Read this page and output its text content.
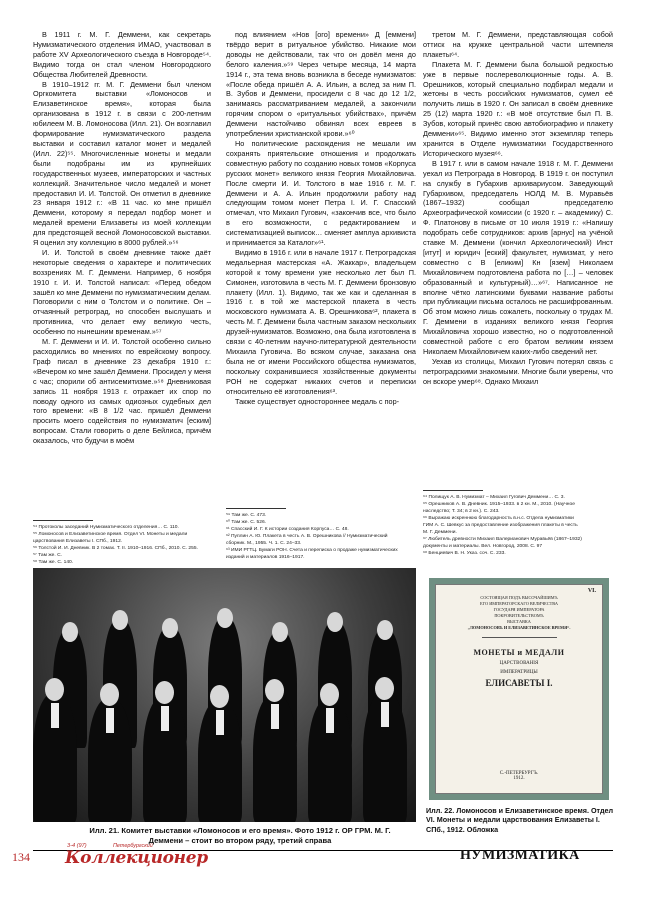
В 1911 г. М. Г. Деммени, как секретарь Нумизматического отделения ИМАО, участвовал в работе XV Археологического съезда в Новгороде⁵⁴. Видимо тогда он стал членом Новгородского Общества Любителей Древности.

В 1910–1912 гг. М. Г. Деммени был членом Оргкомитета выставки «Ломоносов и Елизаветинское время», которая была организована в 1912 г. в связи с 200-летним юбилеем М. В. Ломоносова (Илл. 21). Он возглавил формирование нумизматического раздела выставки и составил каталог монет и медалей (Илл. 22)⁵⁵. Многочисленные монеты и медали были подобраны им из крупнейших государственных музеев, императорских и частных коллекций. Значительное число медалей и монет предоставил И. И. Толстой. Он отметил в дневнике 23 января 1912 г.: «В 11 час. ко мне пришёл Деммени, которому я передал подбор монет и медалей времени Елизаветы из моей коллекции для предстоящей весной Ломоносовской выставки. Я оценил эту коллекцию в 8000 рублей.»⁵⁶

И. И. Толстой в своём дневнике также даёт некоторые сведения о характере и политических воззрениях М. Г. Деммени. Например, 6 ноября 1910 г. И. И. Толстой написал: «Перед обедом зашёл ко мне Деммени по нумизматическим делам. Поговорили с ним о Толстом и о политике. Он – отчаянный ретроград, но способен выслушать и противника, что делает ему великую честь, особенно по нынешним временам.»⁵⁷

М. Г. Деммени и И. И. Толстой особенно сильно расходились во мнениях по еврейскому вопросу. Граф писал в дневнике 23 декабря 1910 г.: «Вечером ко мне зашёл Деммени. Просидел у меня с час; спорили об антисемитизме.»⁵⁸ Дневниковая запись 11 ноября 1913 г. отражает их спор по поводу одного из самых одиозных судебных дел того времени: «В 8 1/2 час. пришёл Деммени просить моего содействия по нумизматич [еским] вопросам. Стали говорить о деле Бейлиса, причём оказалось, что будучи в моём

под влиянием «Нов [ого] времени» Д [еммени] твёрдо верит в ритуальное убийство. Никакие мои доводы не действовали, так что он довёл меня до белого каления.»⁵⁹ Через четыре месяца, 14 марта 1914 г., эта тема вновь возникла в беседе нумизматов: «После обеда пришёл А. А. Ильин, а вслед за ним П. В. Зубов и Деммени, просидели с 8 час до 12 1/2, занимаясь рассматриванием медалей, а закончили горячим спором о «ритуальных убийствах», причём Деммени настойчиво обвинял всех евреев в употреблении христианской крови.»⁶⁰

Но политические расхождения не мешали им сохранять приятельские отношения и продолжать совместную работу по созданию новых томов «Корпуса русских монет» великого князя Георгия Михайловича. После смерти И. И. Толстого в мае 1916 г. М. Г. Деммени и А. А. Ильин продолжили работу над следующим томом монет Петра I. И. Г. Спасский отмечал, что Михаил Гугович, «закончив все, что было в его возможности, с редактированием и систематизацией выписок… сменяет амплуа архивиста и принимается за Каталог»⁶¹.

Видимо в 1916 г. или в начале 1917 г. Петроградская медальерная мастерская «А. Жаккар», владельцем которой к тому времени уже несколько лет был П. Симонен, изготовила в честь М. Г. Деммени бронзовую плакету (Илл. 1). Видимо, так же как и сделанная в 1916 г. в той же мастерской плакета в честь московского нумизмата А. В. Орешникова⁶², плакета в честь М. Г. Деммени была частным заказом нескольких друзей-нумизматов. Возможно, она была изготовлена в связи с 40-летним научно-литературной деятельности Михаила Гуговича. Во всяком случае, заказана она была не от имени Российского общества нумизматов, поскольку сохранившиеся хозяйственные документы РОН не содержат никаких счетов и переписки относительно её изготовления⁶³.

Также существует одностороннее медаль с пор-

третом М. Г. Деммени, представляющая собой оттиск на кружке центральной части штемпеля плакеты⁶⁴.

Плакета М. Г. Деммени была большой редкостью уже в первые послереволюционные годы. А. В. Орешников, который специально подбирал медали и жетоны в честь российских нумизматов, сумел её получить лишь в 1920 г. Он записал в своём дневнике 25 (12) марта 1920 г.: «В моё отсутствие был П. В. Зубов, который принёс свою автобиографию и плакету Деммени»⁶⁵. Видимо именно этот экземпляр теперь хранится в Отделе нумизматики Государственного Исторического музея⁶⁶.

В 1917 г. или в самом начале 1918 г. М. Г. Деммени уехал из Петрограда в Новгород. В 1919 г. он поступил на службу в Губархив архивариусом. Заведующий Губархивом, председатель НОЛД М. В. Муравьёв (1867–1932) сообщал председателю Археографической комиссии (с 1920 г. – академику) С. Ф. Платонову в письме от 10 июля 1919 г.: «Напишу подобрать себе сотрудников: архив [арнус] на учёной ставке М. Деммени (кончил Археологический) Инст [итут] и юридич [еский] факультет, нумизмат, у него совместно с В [еликим] Кн [язем] Николаем Михайловичем подготовлена работа по […] – человек образованный и культурный)…»⁶⁷. Написанное не вполне чётко латинскими буквами название работы при публикации письма осталось не расшифрованным. Об этом можно лишь сожалеть, поскольку о трудах М. Г. Деммени в изданиях великого князя Георгия Михайловича хорошо известно, но о подготовленной совместной работе с его братом великим князем Николаем Михайловичем каких-либо сведений нет.

Уехав из столицы, Михаил Гугович потерял связь с петроградскими знакомыми. Многие были уверены, что он вскоре умер⁶⁸. Однако Михаил

⁵⁴ Протоколы заседаний Нумизматического отделения… С. 110.
⁵⁵ Ломоносов и Елизаветинское время. Отдел VI. Монеты и медали
царствования Елизаветы I. СПб., 1912.
⁵⁶ Толстой И. И. Дневник. В 2 томах. Т. II. 1910–1916. СПб., 2010. С. 255.
⁵⁷ Там же. С.
⁵⁸ Там же. С. 140.
⁵⁹ Там же. С. 473.
⁶⁰ Там же. С. 526.
⁶¹ Спасский И. Г. К истории создания Корпуса… С. 48.
⁶² Пуплин А. Ю. Плакета в честь А. В. Орешникова // Нумизматический
сборник. М., 1955. Ч. 1. С. 24–33.
⁶³ ИМИ РГТЦ. Бумаги РОН. Счета и переписка о продаже нумизматических
изданий и материалов 1916–1917.
⁶⁴ Полищук А. В. Нумизмат – Михаил Гугович Деммени… С. 3.
⁶⁵ Орешников А. В. Дневник. 1915–1933. в 2 кн. М., 2010. (Научное
наследство; Т. 34; в 2 кн.). С. 243.
⁶⁶ Выражаю искреннюю благодарность в.н.с. Отдела нумизматики
ГИМ А. С. Шевкус за предоставление изображения плакеты в честь
М. Г. Деммени.
⁶⁷ Любитель древности Михаил Валерианович Муравьёв (1867–1932)
документы и материалы. Вел. Новгород, 2008. С. 97
⁶⁸ Бенциевич В. Н. Указ. соч. С. 233.
Илл. 21. Комитет выставки «Ломоносов и его время». Фото 1912 г. ОР ГРМ. М. Г. Деммени – стоит во втором ряду, третий справа
VI.
СОСТОЯЩАЯ ПОДЪ ВЫСОЧАЙШИМЪ
ЕГО ИМПЕРАТОРСКАГО ВЕЛИЧЕСТВА
ГОСУДАРЯ ИМПЕРАТОРА
ПОКРОВИТЕЛЬСТВОМЪ
ВЫСТАВКА
„ЛОМОНОСОВЪ И ЕЛИЗАВЕТИНСКОЕ ВРЕМЯ“.
МОНЕТЫ и МЕДАЛИ
ЦАРСТВОВАНІЯ
ИМПЕРАТРИЦЫ
ЕЛИСАВЕТЫ I.
С.-ПЕТЕРБУРГЪ.
1912.
Илл. 22. Ломоносов и Елизаветинское время. Отдел VI. Монеты и медали царствования Елизаветы I. СПб., 1912. Обложка
134
3-4 (97)	Петербургский
Коллекционер	НУМИЗМАТИКА
